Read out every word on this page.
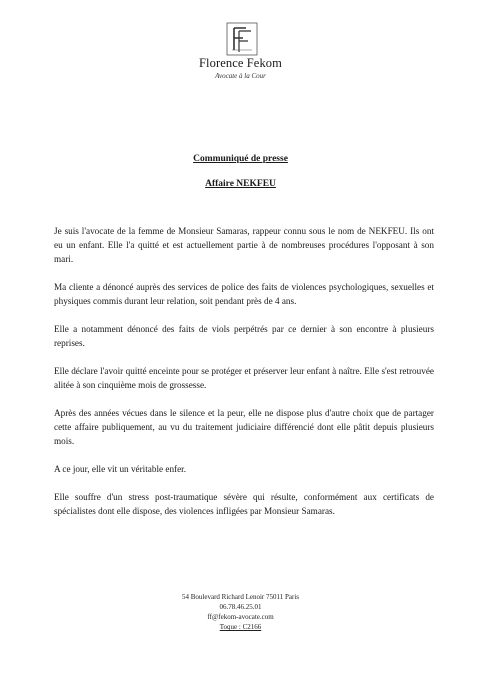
Florence Fekom
Avocate à la Cour
Communiqué de presse
Affaire NEKFEU

Je suis l'avocate de la femme de Monsieur Samaras, rappeur connu sous le nom de NEKFEU. Ils ont eu un enfant. Elle l'a quitté et est actuellement partie à de nombreuses procédures l'opposant à son mari.

Ma cliente a dénoncé auprès des services de police des faits de violences psychologiques, sexuelles et physiques commis durant leur relation, soit pendant près de 4 ans.

Elle a notamment dénoncé des faits de viols perpétrés par ce dernier à son encontre à plusieurs reprises.

Elle déclare l'avoir quitté enceinte pour se protéger et préserver leur enfant à naître. Elle s'est retrouvée alitée à son cinquième mois de grossesse.

Après des années vécues dans le silence et la peur, elle ne dispose plus d'autre choix que de partager cette affaire publiquement, au vu du traitement judiciaire différencié dont elle pâtit depuis plusieurs mois.

A ce jour, elle vit un véritable enfer.

Elle souffre d'un stress post-traumatique sévère qui résulte, conformément aux certificats de spécialistes dont elle dispose, des violences infligées par Monsieur Samaras.

54 Boulevard Richard Lenoir 75011 Paris
06.78.46.25.01
ff@fekom-avocate.com
Toque : C2166
